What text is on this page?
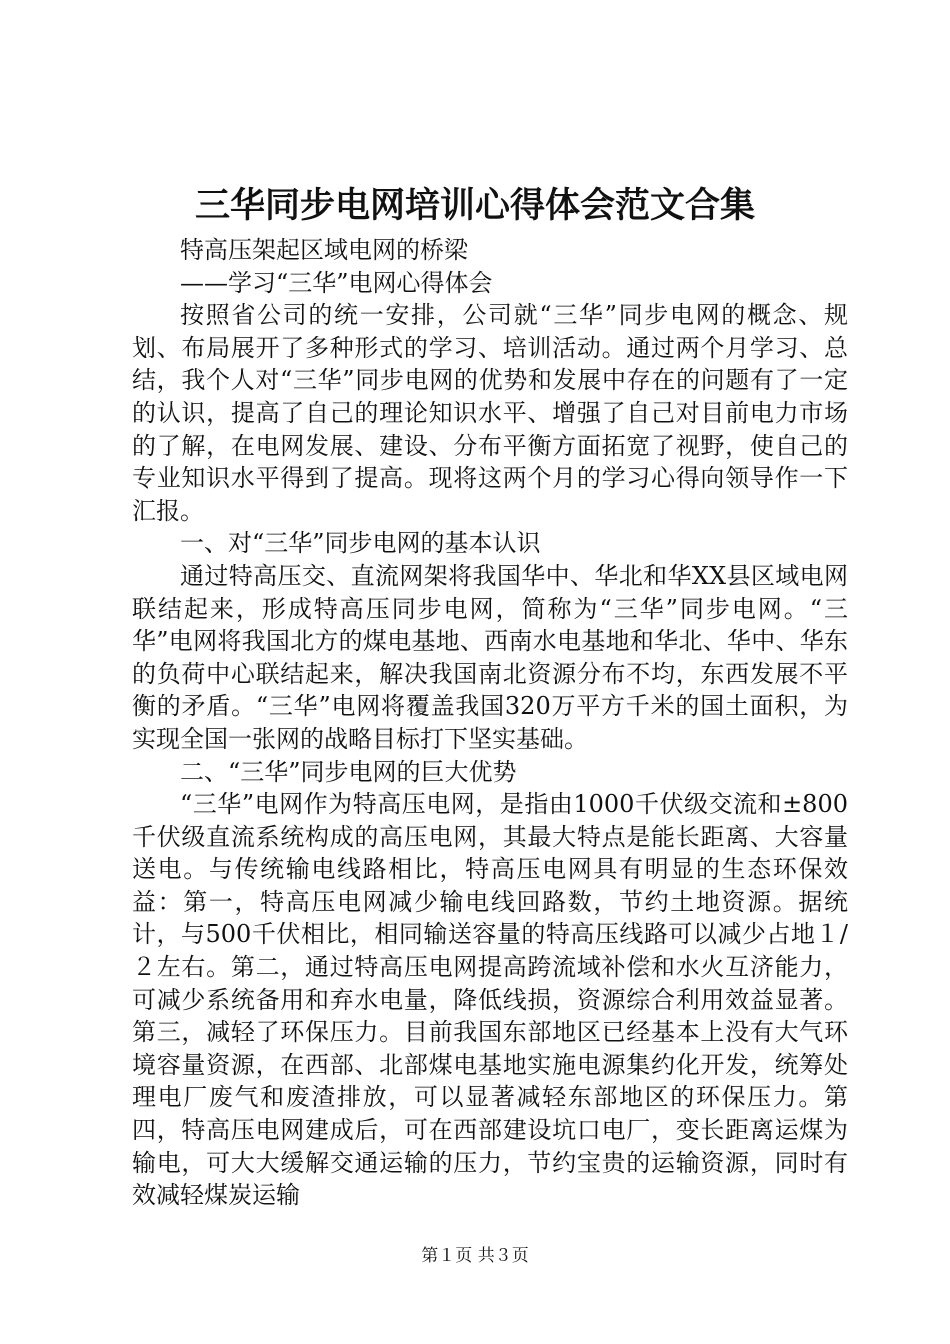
三华同步电网培训心得体会范文合集

特高压架起区域电网的桥梁

——学习“三华”电网心得体会

按照省公司的统一安排，公司就“三华”同步电网的概念、规划、布局展开了多种形式的学习、培训活动。通过两个月学习、总结，我个人对“三华”同步电网的优势和发展中存在的问题有了一定的认识，提高了自己的理论知识水平、增强了自己对目前电力市场的了解，在电网发展、建设、分布平衡方面拓宽了视野，使自己的专业知识水平得到了提高。现将这两个月的学习心得向领导作一下汇报。

一、对“三华”同步电网的基本认识

通过特高压交、直流网架将我国华中、华北和华XX县区域电网联结起来，形成特高压同步电网，简称为“三华”同步电网。“三华”电网将我国北方的煤电基地、西南水电基地和华北、华中、华东的负荷中心联结起来，解决我国南北资源分布不均，东西发展不平衡的矛盾。“三华”电网将覆盖我国320万平方千米的国土面积，为实现全国一张网的战略目标打下坚实基础。

二、“三华”同步电网的巨大优势

“三华”电网作为特高压电网，是指由1000千伏级交流和±800千伏级直流系统构成的高压电网，其最大特点是能长距离、大容量送电。与传统输电线路相比，特高压电网具有明显的生态环保效益：第一，特高压电网减少输电线回路数，节约土地资源。据统计，与500千伏相比，相同输送容量的特高压线路可以减少占地１/２左右。第二，通过特高压电网提高跨流域补偿和水火互济能力，可减少系统备用和弃水电量，降低线损，资源综合利用效益显著。第三，减轻了环保压力。目前我国东部地区已经基本上没有大气环境容量资源，在西部、北部煤电基地实施电源集约化开发，统筹处理电厂废气和废渣排放，可以显著减轻东部地区的环保压力。第四，特高压电网建成后，可在西部建设坑口电厂，变长距离运煤为输电，可大大缓解交通运输的压力，节约宝贵的运输资源，同时有效减轻煤炭运输

第１页 共３页
